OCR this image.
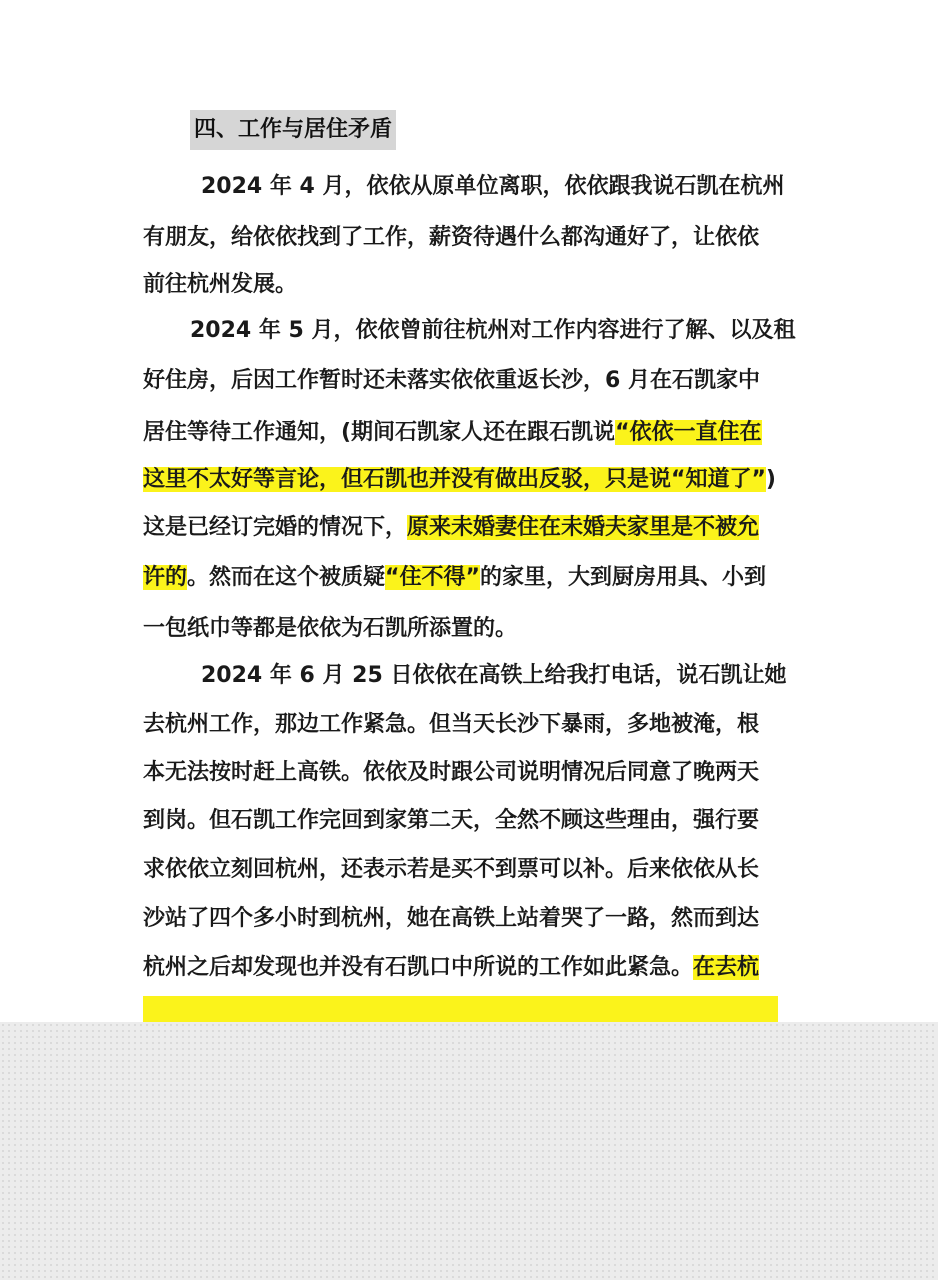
四、工作与居住矛盾
2024 年 4 月，依依从原单位离职，依依跟我说石凯在杭州
有朋友，给依依找到了工作，薪资待遇什么都沟通好了，让依依
前往杭州发展。
2024 年 5 月，依依曾前往杭州对工作内容进行了解、以及租
好住房，后因工作暂时还未落实依依重返长沙，6 月在石凯家中
居住等待工作通知，(期间石凯家人还在跟石凯说“依依一直住在
这里不太好等言论，但石凯也并没有做出反驳，只是说“知道了”)
这是已经订完婚的情况下，原来未婚妻住在未婚夫家里是不被允
许的。然而在这个被质疑“住不得”的家里，大到厨房用具、小到
一包纸巾等都是依依为石凯所添置的。
2024 年 6 月 25 日依依在高铁上给我打电话，说石凯让她
去杭州工作，那边工作紧急。但当天长沙下暴雨，多地被淹，根
本无法按时赶上高铁。依依及时跟公司说明情况后同意了晚两天
到岗。但石凯工作完回到家第二天，全然不顾这些理由，强行要
求依依立刻回杭州，还表示若是买不到票可以补。后来依依从长
沙站了四个多小时到杭州，她在高铁上站着哭了一路，然而到达
杭州之后却发现也并没有石凯口中所说的工作如此紧急。在去杭
